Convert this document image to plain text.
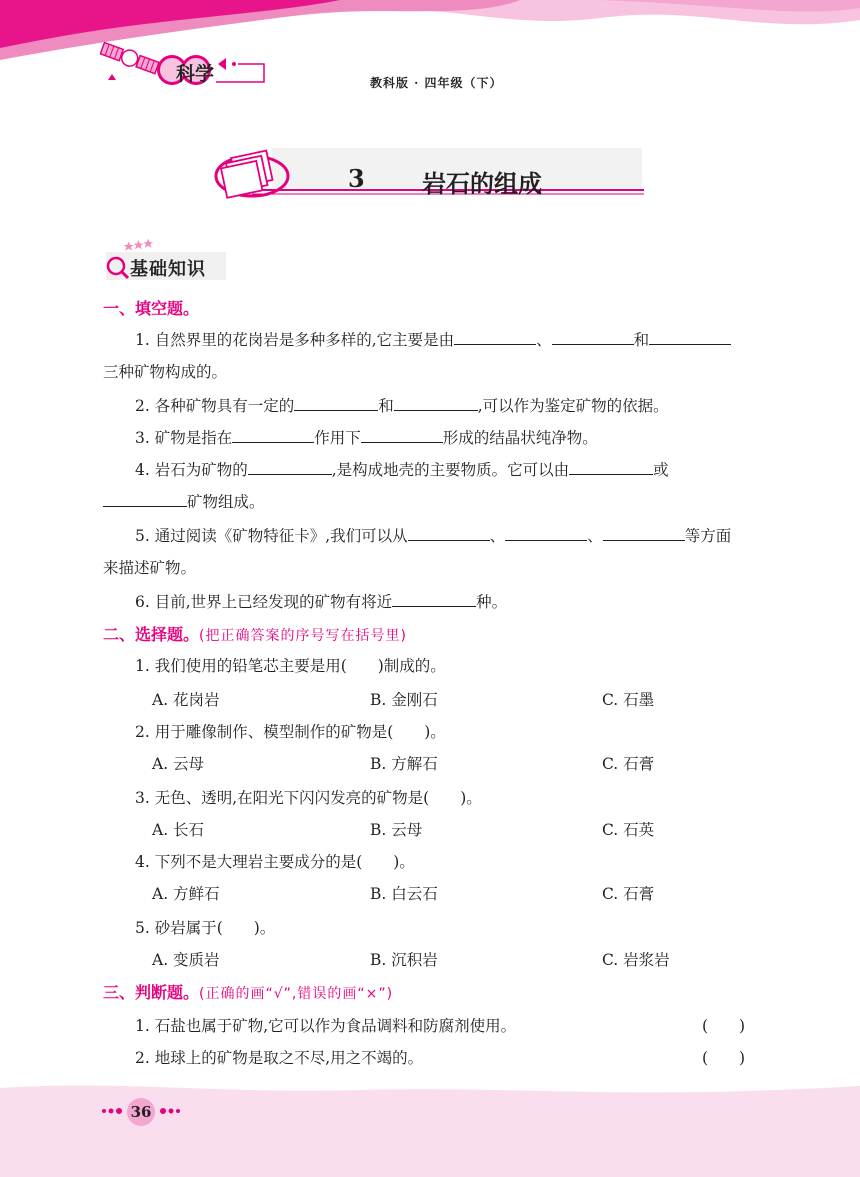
科学	教科版 · 四年级（下）
3 岩石的组成
基础知识
一、填空题。
1. 自然界里的花岗岩是多种多样的,它主要是由	、	和
三种矿物构成的。
2. 各种矿物具有一定的	和	,可以作为鉴定矿物的依据。
3. 矿物是指在	作用下	形成的结晶状纯净物。
4. 岩石为矿物的	,是构成地壳的主要物质。它可以由	或
矿物组成。
5. 通过阅读《矿物特征卡》,我们可以从	、	、	等方面
来描述矿物。
6. 目前,世界上已经发现的矿物有将近	种。
二、选择题。(把正确答案的序号写在括号里)
1. 我们使用的铅笔芯主要是用(　　)制成的。
A. 花岗岩	B. 金刚石	C. 石墨
2. 用于雕像制作、模型制作的矿物是(　　)。
A. 云母	B. 方解石	C. 石膏
3. 无色、透明,在阳光下闪闪发亮的矿物是(　　)。
A. 长石	B. 云母	C. 石英
4. 下列不是大理岩主要成分的是(　　)。
A. 方鲜石	B. 白云石	C. 石膏
5. 砂岩属于(　　)。
A. 变质岩	B. 沉积岩	C. 岩浆岩
三、判断题。(正确的画“√”,错误的画“×”)
1. 石盐也属于矿物,它可以作为食品调料和防腐剂使用。	(　　)
2. 地球上的矿物是取之不尽,用之不竭的。	(　　)
36
